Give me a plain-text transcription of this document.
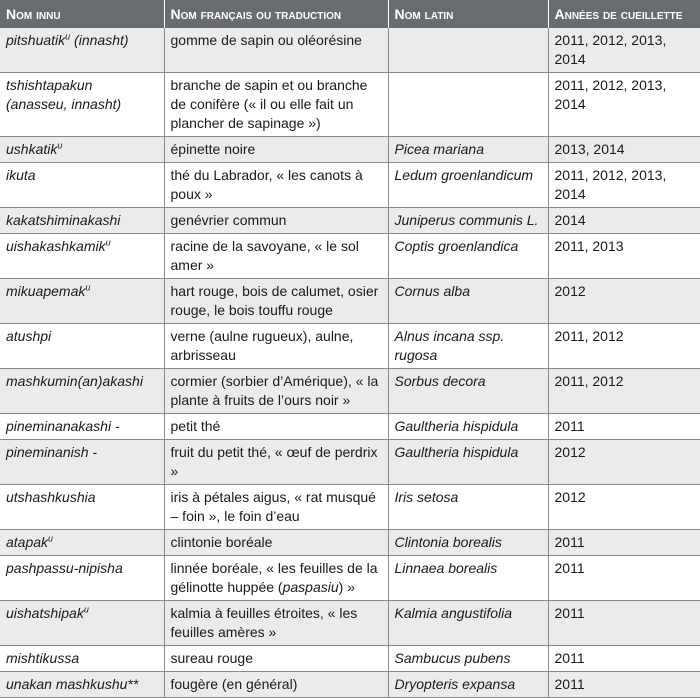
Nom innu	Nom français ou traduction	Nom latin	Années de cueillette
pitshuatik$^u$ (innasht)	gomme de sapin ou oléorésine		2011, 2012, 2013, 2014
tshishtapakun (anasseu, innasht)	branche de sapin et ou branche de conifère (« il ou elle fait un plancher de sapinage »)		2011, 2012, 2013, 2014
ushkatik$^u$	épinette noire	Picea mariana	2013, 2014
ikuta	thé du Labrador, « les canots à poux »	Ledum groenlandicum	2011, 2012, 2013, 2014
kakatshiminakashi	genévrier commun	Juniperus communis L.	2014
uishakashkamik$^u$	racine de la savoyane, « le sol amer »	Coptis groenlandica	2011, 2013
mikuapemak$^u$	hart rouge, bois de calumet, osier rouge, le bois touffu rouge	Cornus alba	2012
atushpi	verne (aulne rugueux), aulne, arbrisseau	Alnus incana ssp. rugosa	2011, 2012
mashkumin(an)akashi	cormier (sorbier d’Amérique), « la plante à fruits de l’ours noir »	Sorbus decora	2011, 2012
pineminanakashi -	petit thé	Gaultheria hispidula	2011
pineminanish -	fruit du petit thé, « œuf de perdrix »	Gaultheria hispidula	2012
utshashkushia	iris à pétales aigus, « rat musqué – foin », le foin d’eau	Iris setosa	2012
atapak$^u$	clintonie boréale	Clintonia borealis	2011
pashpassu-nipisha	linnée boréale, « les feuilles de la gélinotte huppée (paspasiu) »	Linnaea borealis	2011
uishatshipak$^u$	kalmia à feuilles étroites, « les feuilles amères »	Kalmia angustifolia	2011
mishtikussa	sureau rouge	Sambucus pubens	2011
unakan mashkushu**	fougère (en général)	Dryopteris expansa	2011
